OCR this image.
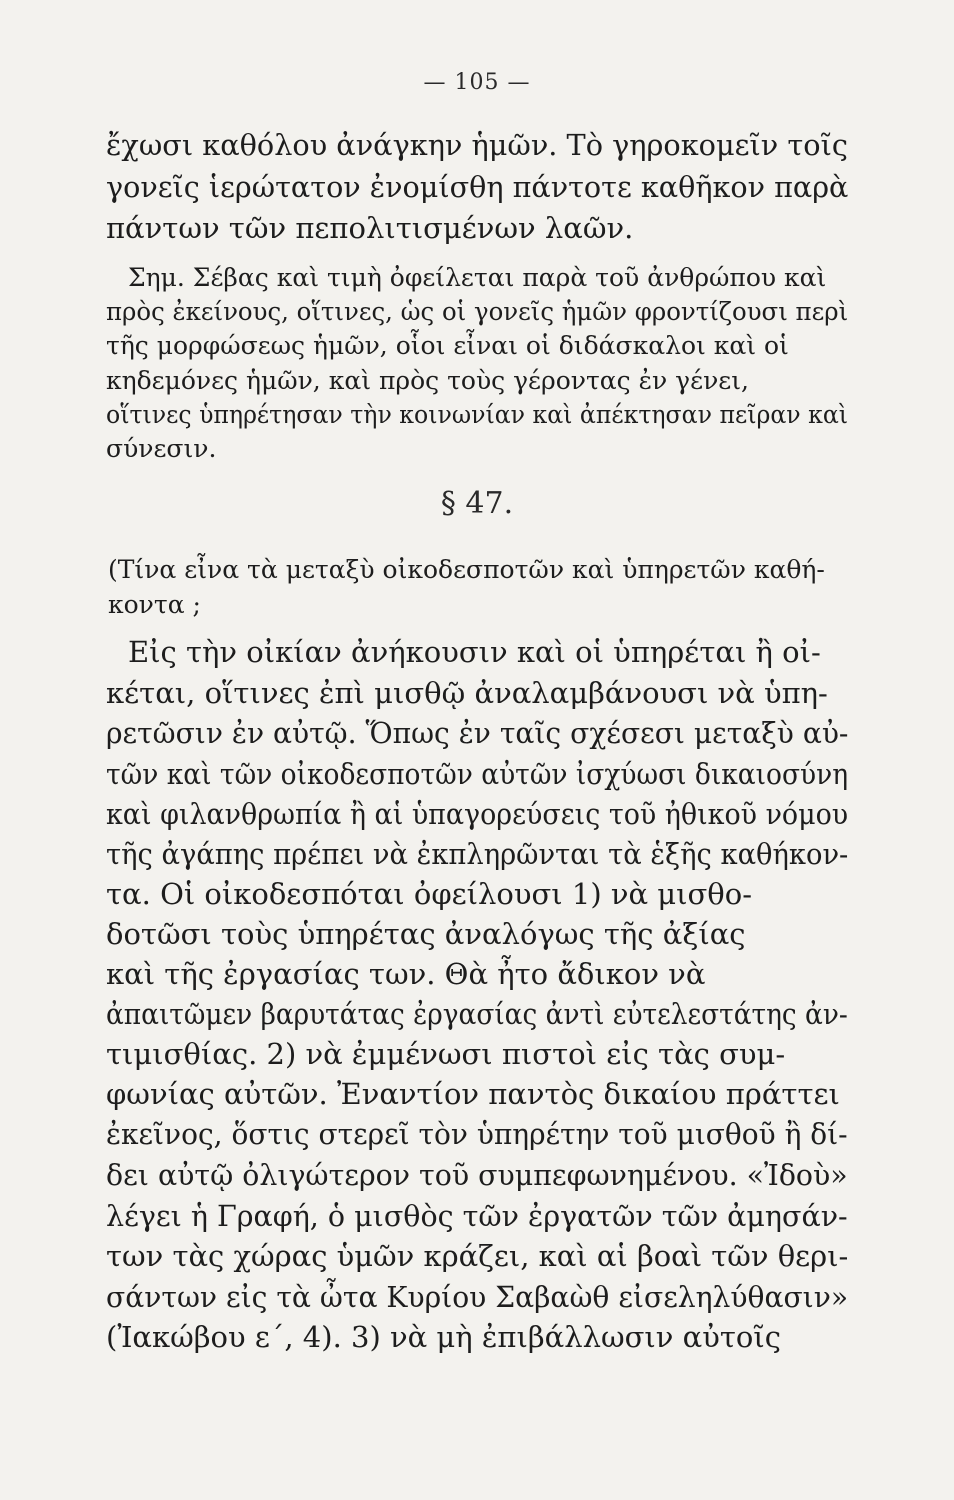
— 105 —
ἔχωσι καθόλου ἀνάγκην ἡμῶν. Τὸ γηροκομεῖν τοῖς
γονεῖς ἱερώτατον ἐνομίσθη πάντοτε καθῆκον παρὰ
πάντων τῶν πεπολιτισμένων λαῶν.
Σημ. Σέβας καὶ τιμὴ ὀφείλεται παρὰ τοῦ ἀνθρώπου καὶ
πρὸς ἐκείνους, οἵτινες, ὡς οἱ γονεῖς ἡμῶν φροντίζουσι περὶ
τῆς μορφώσεως ἡμῶν, οἷοι εἶναι οἱ διδάσκαλοι καὶ οἱ
κηδεμόνες ἡμῶν, καὶ πρὸς τοὺς γέροντας ἐν γένει,
οἵτινες ὑπηρέτησαν τὴν κοινωνίαν καὶ ἀπέκτησαν πεῖραν καὶ
σύνεσιν.
§ 47.
(Τίνα εἶνα τὰ μεταξὺ οἰκοδεσποτῶν καὶ ὑπηρετῶν καθή-
κοντα ;
Εἰς τὴν οἰκίαν ἀνήκουσιν καὶ οἱ ὑπηρέται ἢ οἰ-
κέται, οἵτινες ἐπὶ μισθῷ ἀναλαμβάνουσι νὰ ὑπη-
ρετῶσιν ἐν αὐτῷ. Ὅπως ἐν ταῖς σχέσεσι μεταξὺ αὐ-
τῶν καὶ τῶν οἰκοδεσποτῶν αὐτῶν ἰσχύωσι δικαιοσύνη
καὶ φιλανθρωπία ἢ αἱ ὑπαγορεύσεις τοῦ ἠθικοῦ νόμου
τῆς ἀγάπης πρέπει νὰ ἐκπληρῶνται τὰ ἑξῆς καθήκον-
τα. Οἱ οἰκοδεσπόται ὀφείλουσι 1) νὰ μισθο-
δοτῶσι τοὺς ὑπηρέτας ἀναλόγως τῆς ἀξίας
καὶ τῆς ἐργασίας των. Θὰ ἦτο ἄδικον νὰ
ἀπαιτῶμεν βαρυτάτας ἐργασίας ἀντὶ εὐτελεστάτης ἀν-
τιμισθίας. 2) νὰ ἐμμένωσι πιστοὶ εἰς τὰς συμ-
φωνίας αὐτῶν. Ἐναντίον παντὸς δικαίου πράττει
ἐκεῖνος, ὅστις στερεῖ τὸν ὑπηρέτην τοῦ μισθοῦ ἢ δί-
δει αὐτῷ ὀλιγώτερον τοῦ συμπεφωνημένου. «Ἰδοὺ»
λέγει ἡ Γραφή, ὁ μισθὸς τῶν ἐργατῶν τῶν ἀμησάν-
των τὰς χώρας ὑμῶν κράζει, καὶ αἱ βοαὶ τῶν θερι-
σάντων εἰς τὰ ὦτα Κυρίου Σαβαὼθ εἰσεληλύθασιν»
(Ἰακώβου ε΄, 4). 3) νὰ μὴ ἐπιβάλλωσιν αὐτοῖς
